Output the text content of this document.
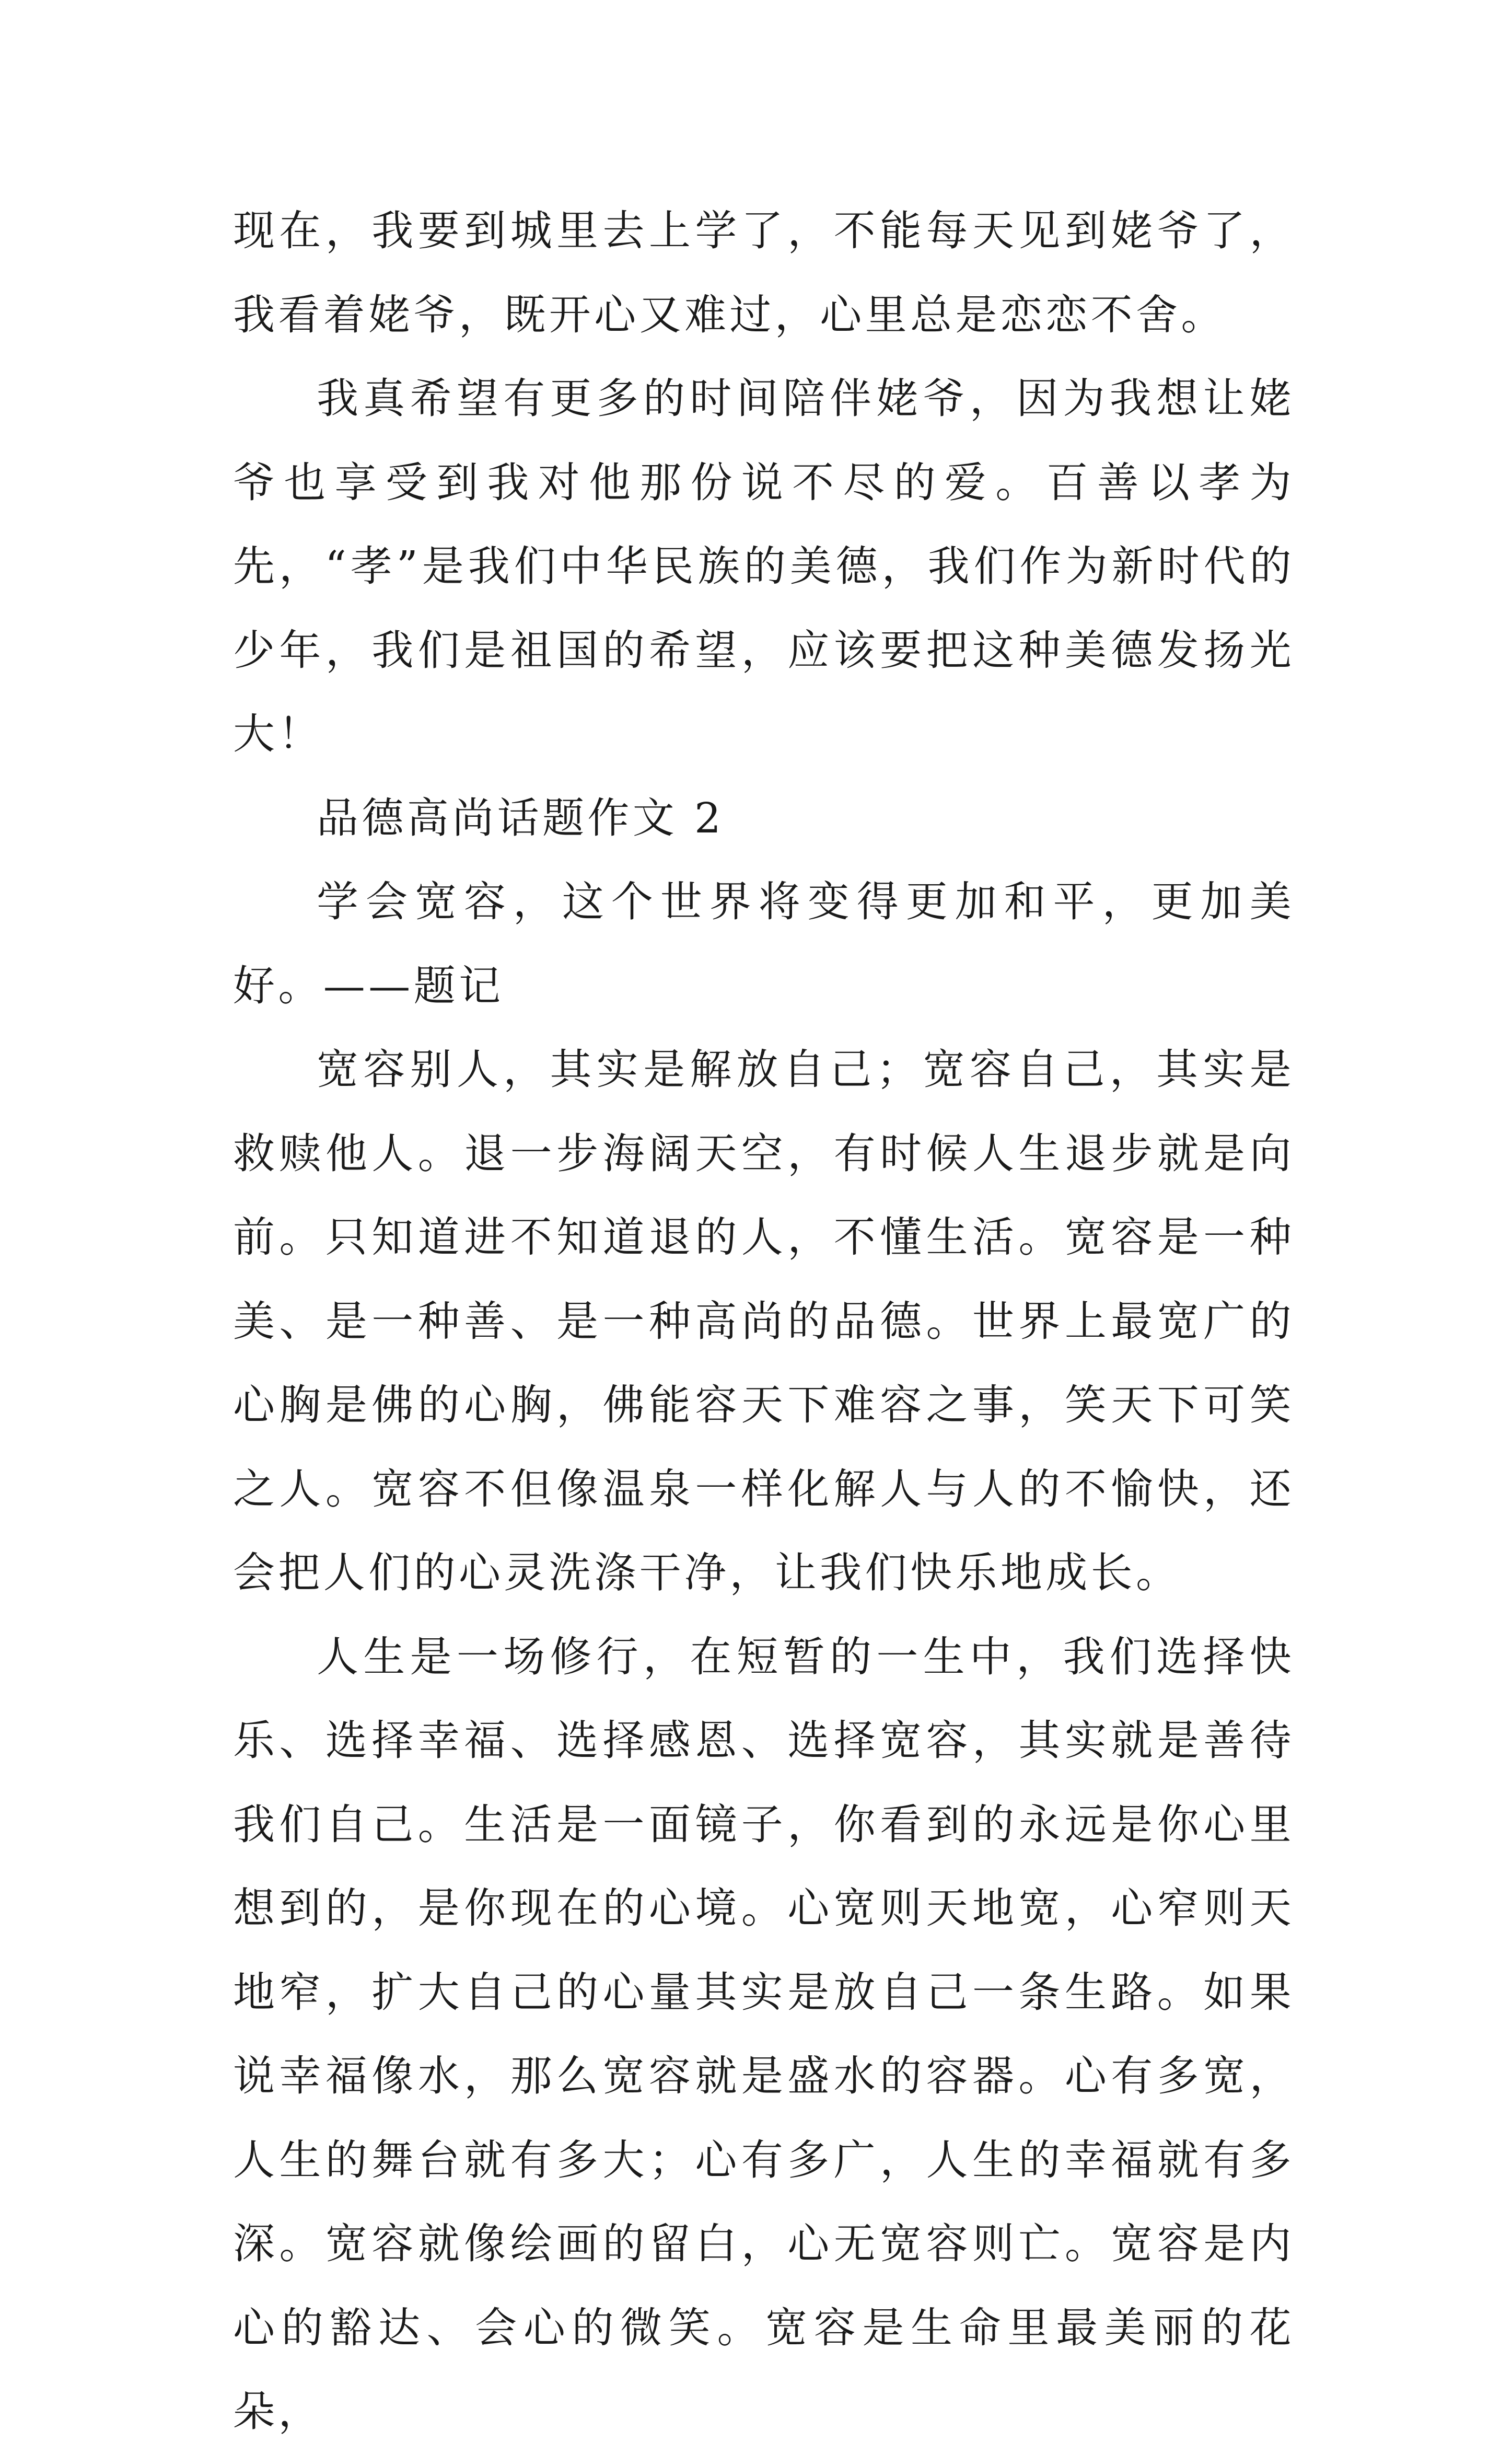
现在，我要到城里去上学了，不能每天见到姥爷了，我看着姥爷，既开心又难过，心里总是恋恋不舍。

我真希望有更多的时间陪伴姥爷，因为我想让姥爷也享受到我对他那份说不尽的爱。百善以孝为先，“孝”是我们中华民族的美德，我们作为新时代的少年，我们是祖国的希望，应该要把这种美德发扬光大！

品德高尚话题作文 2

学会宽容，这个世界将变得更加和平，更加美好。——题记

宽容别人，其实是解放自己；宽容自己，其实是救赎他人。退一步海阔天空，有时候人生退步就是向前。只知道进不知道退的人，不懂生活。宽容是一种美、是一种善、是一种高尚的品德。世界上最宽广的心胸是佛的心胸，佛能容天下难容之事，笑天下可笑之人。宽容不但像温泉一样化解人与人的不愉快，还会把人们的心灵洗涤干净，让我们快乐地成长。

人生是一场修行，在短暂的一生中，我们选择快乐、选择幸福、选择感恩、选择宽容，其实就是善待我们自己。生活是一面镜子，你看到的永远是你心里想到的，是你现在的心境。心宽则天地宽，心窄则天地窄，扩大自己的心量其实是放自己一条生路。如果说幸福像水，那么宽容就是盛水的容器。心有多宽，人生的舞台就有多大；心有多广，人生的幸福就有多深。宽容就像绘画的留白，心无宽容则亡。宽容是内心的豁达、会心的微笑。宽容是生命里最美丽的花朵，
